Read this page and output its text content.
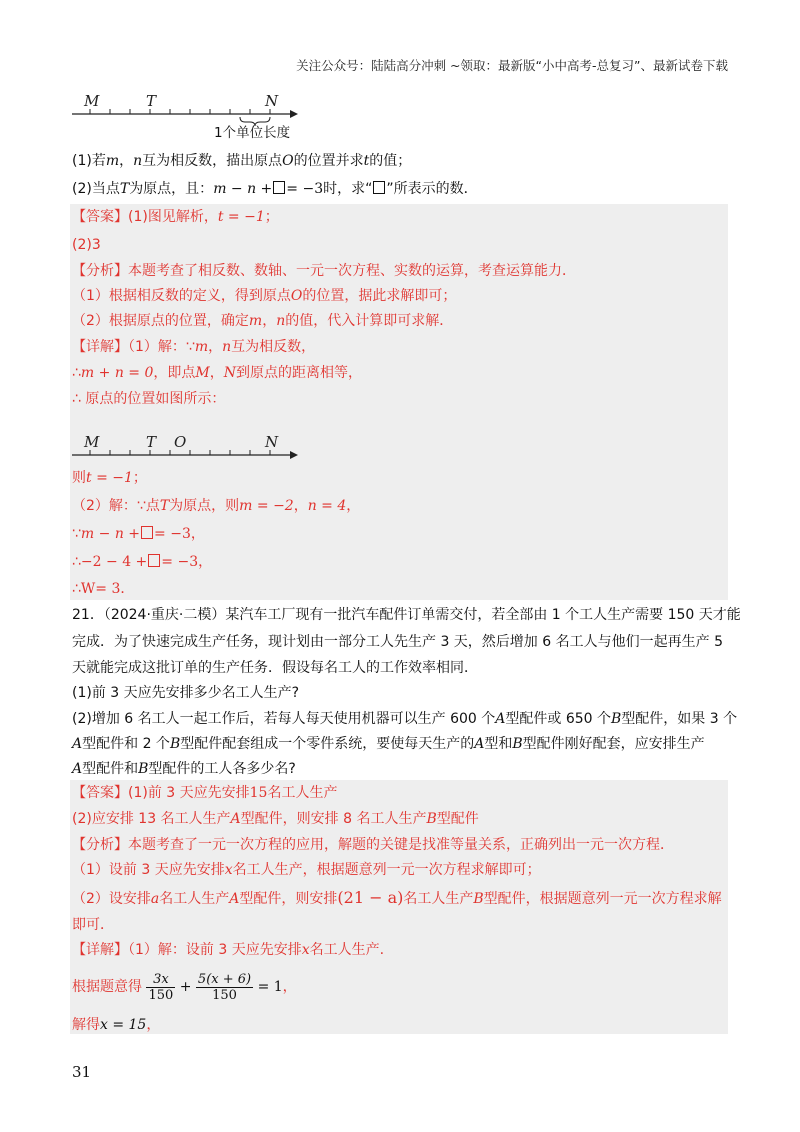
关注公众号：陆陆高分冲刺 ~领取：最新版“小中高考-总复习”、最新试卷下载
M	T	N
1个单位长度
(1)若m，n互为相反数，描出原点O的位置并求t的值；
(2)当点T为原点，且：m − n + = −3时，求“ ”所表示的数．
【答案】(1)图见解析，t = −1；
(2)3
【分析】本题考查了相反数、数轴、一元一次方程、实数的运算，考查运算能力．
（1）根据相反数的定义，得到原点O的位置，据此求解即可；
（2）根据原点的位置，确定m，n的值，代入计算即可求解．
【详解】（1）解：∵m，n互为相反数，
∴m + n = 0，即点M，N到原点的距离相等，
∴ 原点的位置如图所示：
M	T O	N
则t = −1；
（2）解：∵点T为原点，则m = −2，n = 4，
∵m − n + = −3，
∴−2 − 4 + = −3，
∴W= 3．
21．（2024·重庆·二模）某汽车工厂现有一批汽车配件订单需交付，若全部由 1 个工人生产需要 150 天才能
完成．为了快速完成生产任务，现计划由一部分工人先生产 3 天，然后增加 6 名工人与他们一起再生产 5
天就能完成这批订单的生产任务．假设每名工人的工作效率相同．
(1)前 3 天应先安排多少名工人生产?
(2)增加 6 名工人一起工作后，若每人每天使用机器可以生产 600 个A型配件或 650 个B型配件，如果 3 个
A型配件和 2 个B型配件配套组成一个零件系统，要使每天生产的A型和B型配件刚好配套，应安排生产
A型配件和B型配件的工人各多少名?
【答案】(1)前 3 天应先安排15名工人生产
(2)应安排 13 名工人生产A型配件，则安排 8 名工人生产B型配件
【分析】本题考查了一元一次方程的应用，解题的关键是找准等量关系，正确列出一元一次方程．
（1）设前 3 天应先安排x名工人生产，根据题意列一元一次方程求解即可；
（2）设安排a名工人生产A型配件，则安排(21 − a)名工人生产B型配件，根据题意列一元一次方程求解
即可．
【详解】（1）解：设前 3 天应先安排x名工人生产.
根据题意得 $\frac{3x}{150} + \frac{5(x + 6)}{150} = 1$，
解得x = 15，
31
